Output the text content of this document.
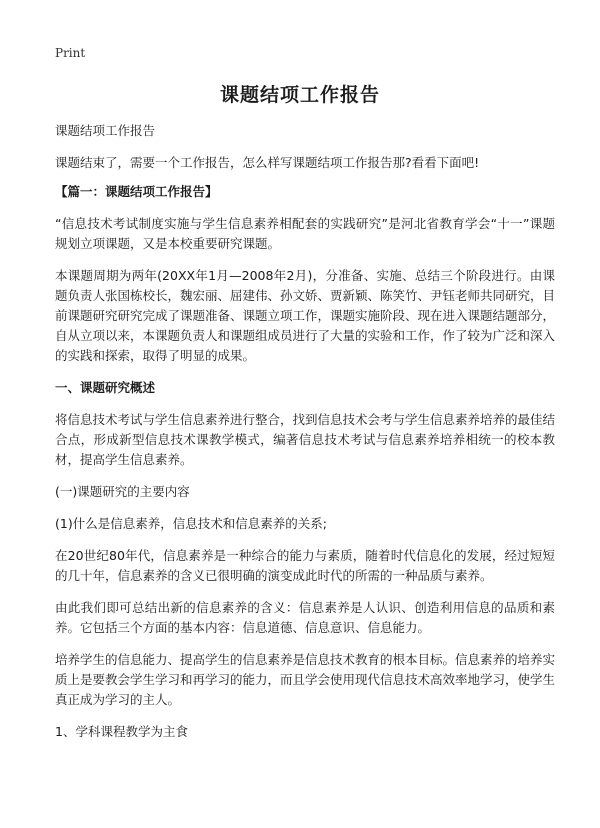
Print
课题结项工作报告

课题结项工作报告

课题结束了，需要一个工作报告，怎么样写课题结项工作报告那?看看下面吧!

【篇一：课题结项工作报告】

“信息技术考试制度实施与学生信息素养相配套的实践研究”是河北省教育学会“十一”课题规划立项课题，又是本校重要研究课题。

本课题周期为两年(20XX年1月—2008年2月)，分准备、实施、总结三个阶段进行。由课题负责人张国栋校长，魏宏丽、屈建伟、孙文娇、贾新颖、陈笑竹、尹钰老师共同研究，目前课题研究研究完成了课题准备、课题立项工作，课题实施阶段、现在进入课题结题部分，自从立项以来，本课题负责人和课题组成员进行了大量的实验和工作，作了较为广泛和深入的实践和探索，取得了明显的成果。

一、课题研究概述

将信息技术考试与学生信息素养进行整合，找到信息技术会考与学生信息素养培养的最佳结合点，形成新型信息技术课教学模式，编著信息技术考试与信息素养培养相统一的校本教材，提高学生信息素养。

(一)课题研究的主要内容

(1)什么是信息素养，信息技术和信息素养的关系;

在20世纪80年代，信息素养是一种综合的能力与素质，随着时代信息化的发展，经过短短的几十年，信息素养的含义已很明确的演变成此时代的所需的一种品质与素养。

由此我们即可总结出新的信息素养的含义：信息素养是人认识、创造利用信息的品质和素养。它包括三个方面的基本内容：信息道德、信息意识、信息能力。

培养学生的信息能力、提高学生的信息素养是信息技术教育的根本目标。信息素养的培养实质上是要教会学生学习和再学习的能力，而且学会使用现代信息技术高效率地学习，使学生真正成为学习的主人。

1、学科课程教学为主食
